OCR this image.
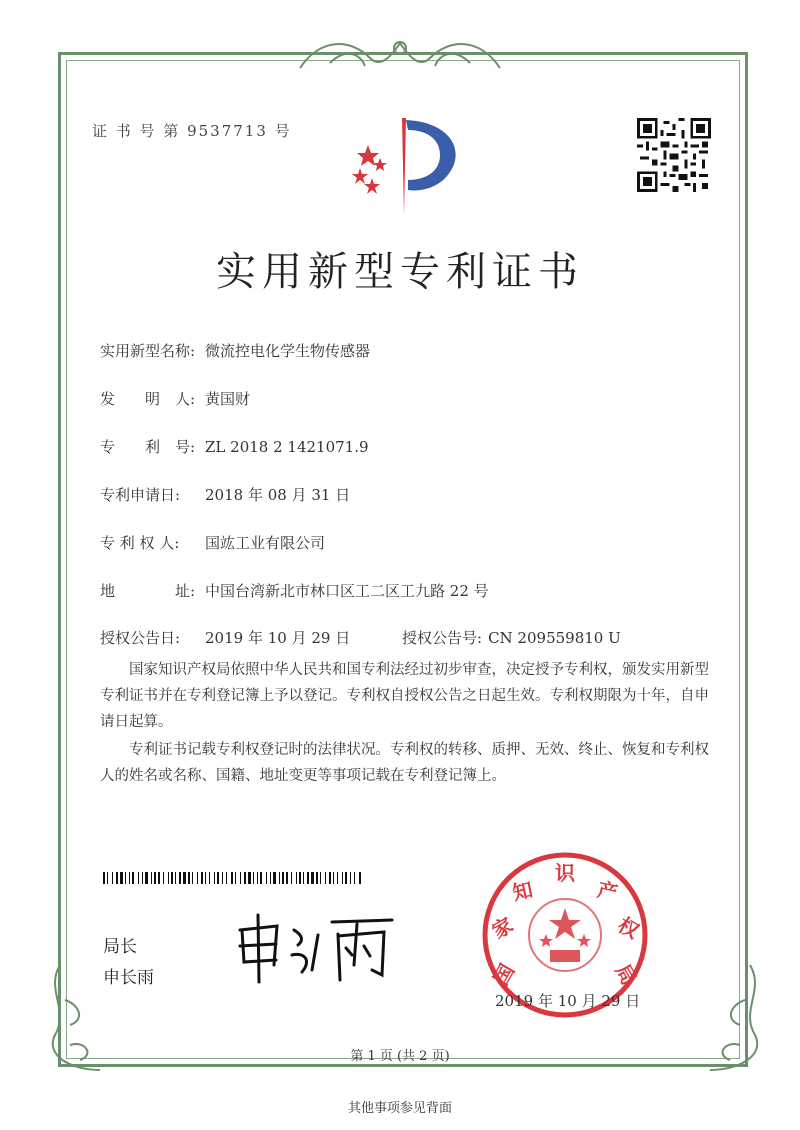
证 书 号 第 9537713 号
实用新型专利证书
实用新型名称: 微流控电化学生物传感器
发　　明　人: 黄国财
专　　利　号: ZL 2018 2 1421071.9
专利申请日: 2018 年 08 月 31 日
专 利 权 人: 国竑工业有限公司
地　　　　址: 中国台湾新北市林口区工二区工九路 22 号
授权公告日: 2019 年 10 月 29 日	授权公告号: CN 209559810 U
国家知识产权局依照中华人民共和国专利法经过初步审查，决定授予专利权，颁发实用新型专利证书并在专利登记簿上予以登记。专利权自授权公告之日起生效。专利权期限为十年，自申请日起算。
专利证书记载专利权登记时的法律状况。专利权的转移、质押、无效、终止、恢复和专利权人的姓名或名称、国籍、地址变更等事项记载在专利登记簿上。
局长
申长雨	国
家
知
识
产
权
局
2019 年 10 月 29 日
第 1 页 (共 2 页)
其他事项参见背面
